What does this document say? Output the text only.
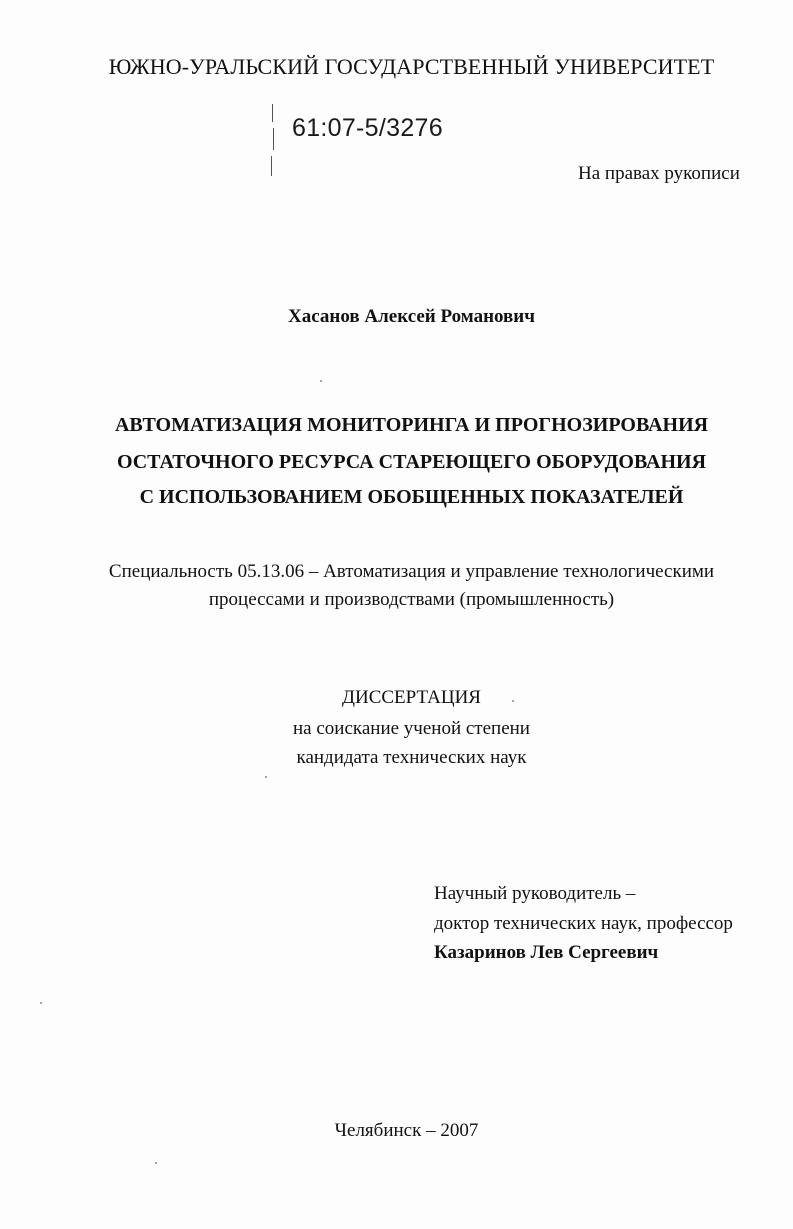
ЮЖНО-УРАЛЬСКИЙ ГОСУДАРСТВЕННЫЙ УНИВЕРСИТЕТ
61:07-5/3276
На правах рукописи
Хасанов Алексей Романович
АВТОМАТИЗАЦИЯ МОНИТОРИНГА И ПРОГНОЗИРОВАНИЯ
ОСТАТОЧНОГО РЕСУРСА СТАРЕЮЩЕГО ОБОРУДОВАНИЯ
С ИСПОЛЬЗОВАНИЕМ ОБОБЩЕННЫХ ПОКАЗАТЕЛЕЙ
Специальность 05.13.06 – Автоматизация и управление технологическими
процессами и производствами (промышленность)
ДИССЕРТАЦИЯ
на соискание ученой степени
кандидата технических наук
Научный руководитель –
доктор технических наук, профессор
Казаринов Лев Сергеевич
Челябинск – 2007
